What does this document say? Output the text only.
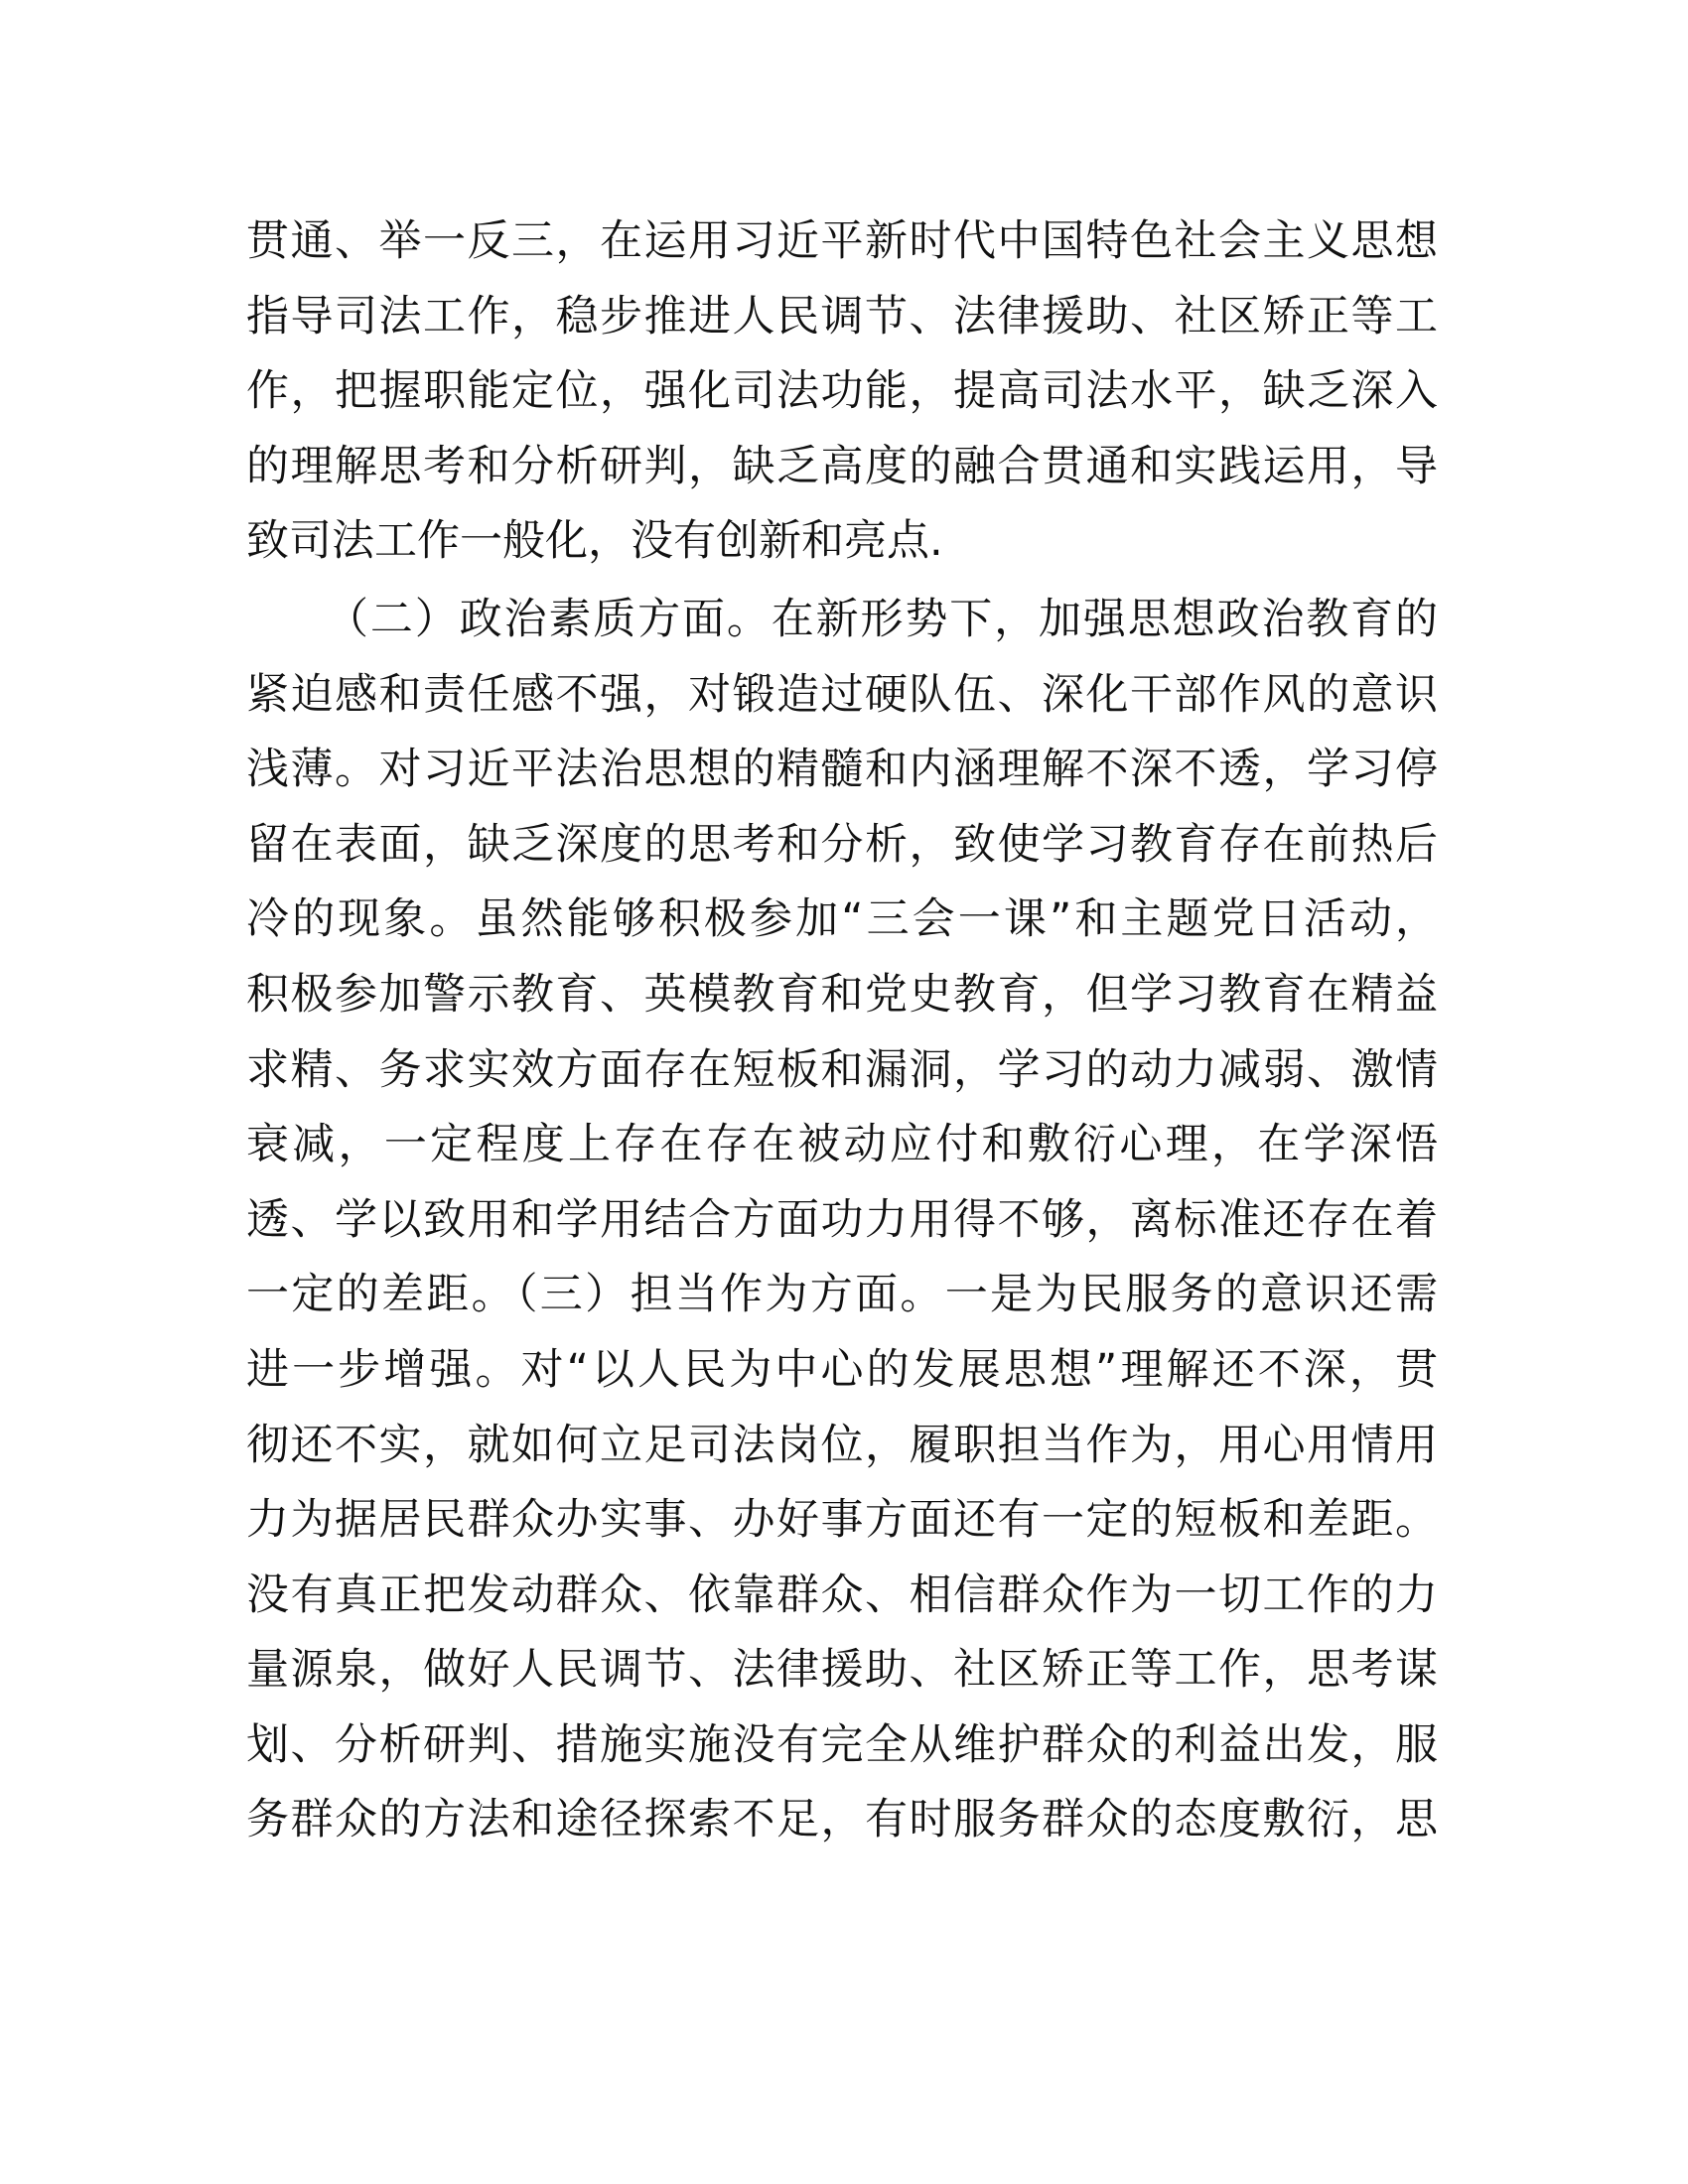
贯通、举一反三，在运用习近平新时代中国特色社会主义思想
指导司法工作，稳步推进人民调节、法律援助、社区矫正等工
作，把握职能定位，强化司法功能，提高司法水平，缺乏深入
的理解思考和分析研判，缺乏高度的融合贯通和实践运用，导
致司法工作一般化，没有创新和亮点.
（二）政治素质方面。在新形势下，加强思想政治教育的
紧迫感和责任感不强，对锻造过硬队伍、深化干部作风的意识
浅薄。对习近平法治思想的精髓和内涵理解不深不透，学习停
留在表面，缺乏深度的思考和分析，致使学习教育存在前热后
冷的现象。虽然能够积极参加“三会一课”和主题党日活动，
积极参加警示教育、英模教育和党史教育，但学习教育在精益
求精、务求实效方面存在短板和漏洞，学习的动力减弱、激情
衰减，一定程度上存在存在被动应付和敷衍心理，在学深悟
透、学以致用和学用结合方面功力用得不够，离标准还存在着
一定的差距。（三）担当作为方面。一是为民服务的意识还需
进一步增强。对“以人民为中心的发展思想”理解还不深，贯
彻还不实，就如何立足司法岗位，履职担当作为，用心用情用
力为据居民群众办实事、办好事方面还有一定的短板和差距。
没有真正把发动群众、依靠群众、相信群众作为一切工作的力
量源泉，做好人民调节、法律援助、社区矫正等工作，思考谋
划、分析研判、措施实施没有完全从维护群众的利益出发，服
务群众的方法和途径探索不足，有时服务群众的态度敷衍，思
